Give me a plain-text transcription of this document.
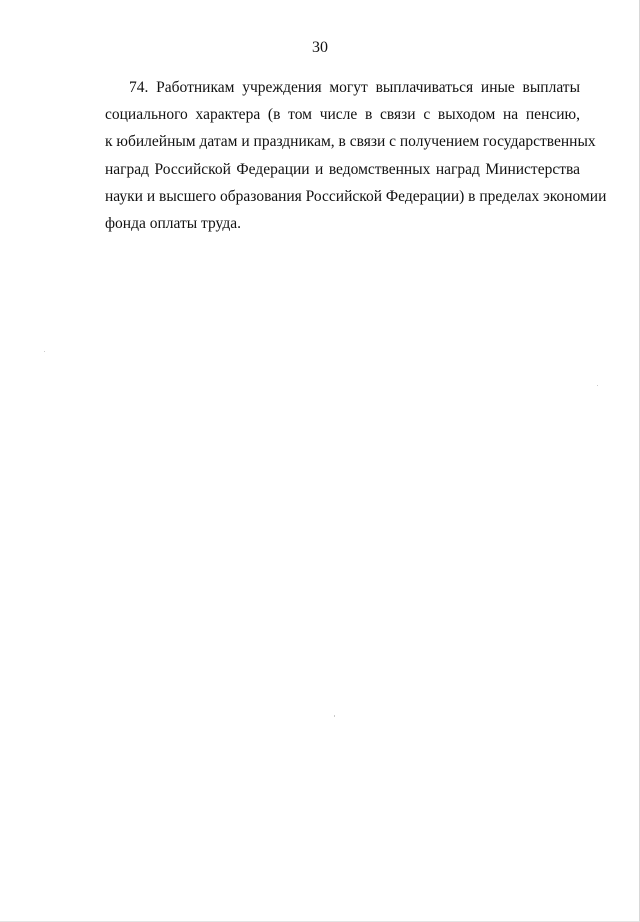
30

74. Работникам учреждения могут выплачиваться иные выплаты
социального характера (в том числе в связи с выходом на пенсию,
к юбилейным датам и праздникам, в связи с получением государственных
наград Российской Федерации и ведомственных наград Министерства
науки и высшего образования Российской Федерации) в пределах экономии
фонда оплаты труда.
